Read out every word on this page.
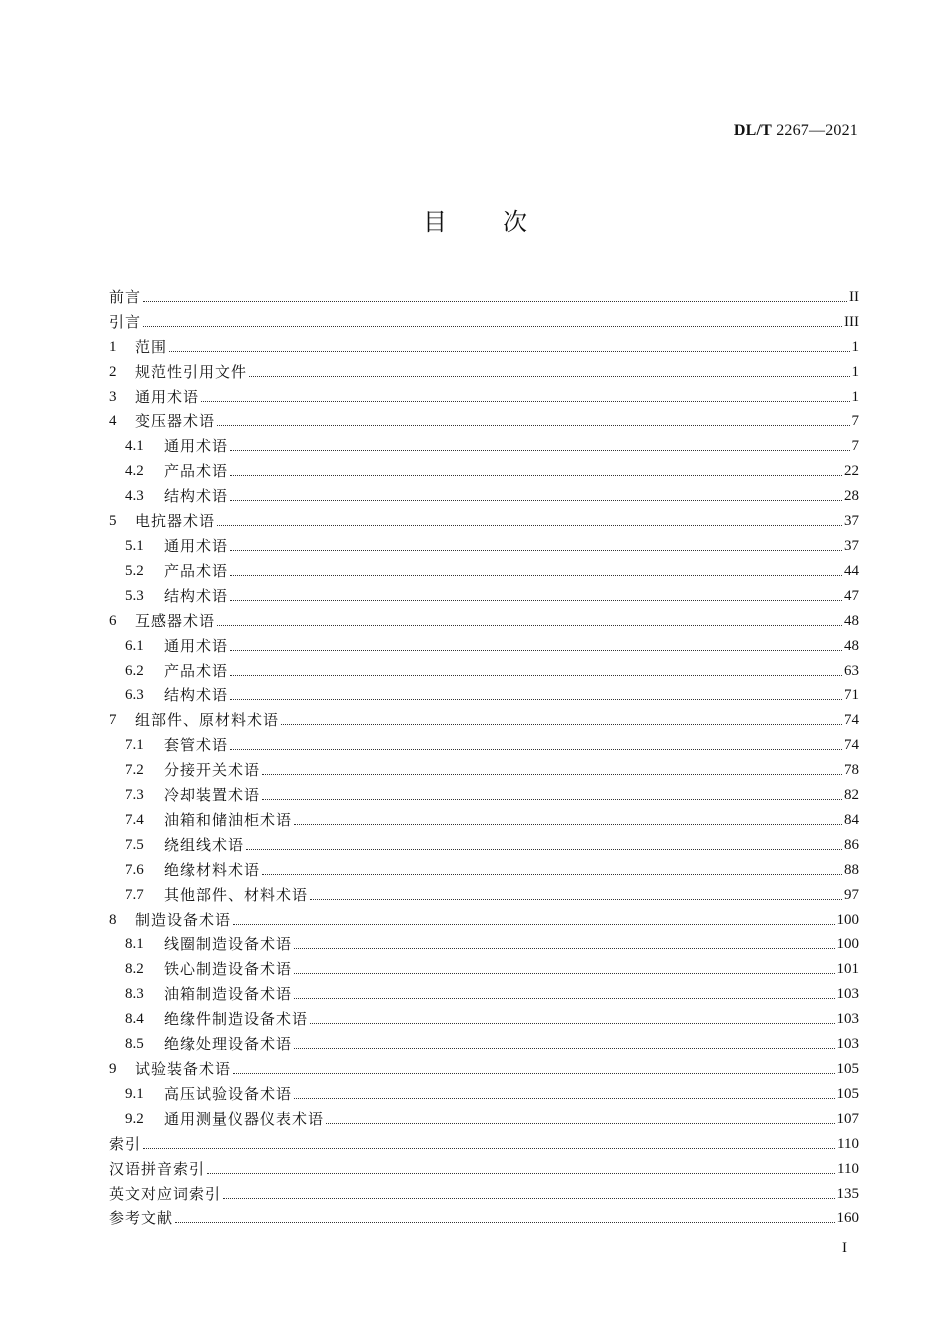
DL/T 2267—2021
目次
前言	II
引言	III
1	范围	1
2	规范性引用文件	1
3	通用术语	1
4	变压器术语	7
4.1	通用术语	7
4.2	产品术语	22
4.3	结构术语	28
5	电抗器术语	37
5.1	通用术语	37
5.2	产品术语	44
5.3	结构术语	47
6	互感器术语	48
6.1	通用术语	48
6.2	产品术语	63
6.3	结构术语	71
7	组部件、原材料术语	74
7.1	套管术语	74
7.2	分接开关术语	78
7.3	冷却装置术语	82
7.4	油箱和储油柜术语	84
7.5	绕组线术语	86
7.6	绝缘材料术语	88
7.7	其他部件、材料术语	97
8	制造设备术语	100
8.1	线圈制造设备术语	100
8.2	铁心制造设备术语	101
8.3	油箱制造设备术语	103
8.4	绝缘件制造设备术语	103
8.5	绝缘处理设备术语	103
9	试验装备术语	105
9.1	高压试验设备术语	105
9.2	通用测量仪器仪表术语	107
索引	110
汉语拼音索引	110
英文对应词索引	135
参考文献	160
I
